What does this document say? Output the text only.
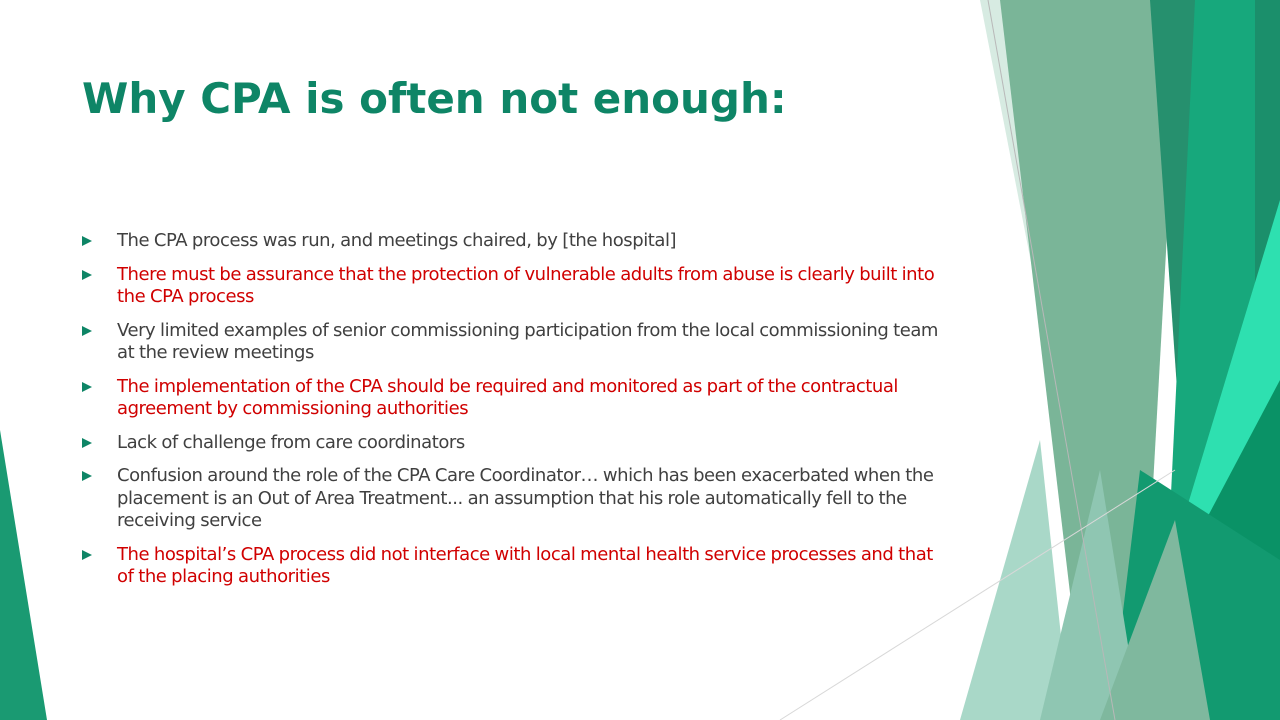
Why CPA is often not enough:
The CPA process was run, and meetings chaired, by [the hospital]
There must be assurance that the protection of vulnerable adults from abuse is clearly built into the CPA process
Very limited examples of senior commissioning participation from the local commissioning team at the review meetings
The implementation of the CPA should be required and monitored as part of the contractual agreement by commissioning authorities
Lack of challenge from care coordinators
Confusion around the role of the CPA Care Coordinator… which has been exacerbated when the placement is an Out of Area Treatment... an assumption that his role automatically fell to the receiving service
The hospital’s CPA process did not interface with local mental health service processes and that of the placing authorities
